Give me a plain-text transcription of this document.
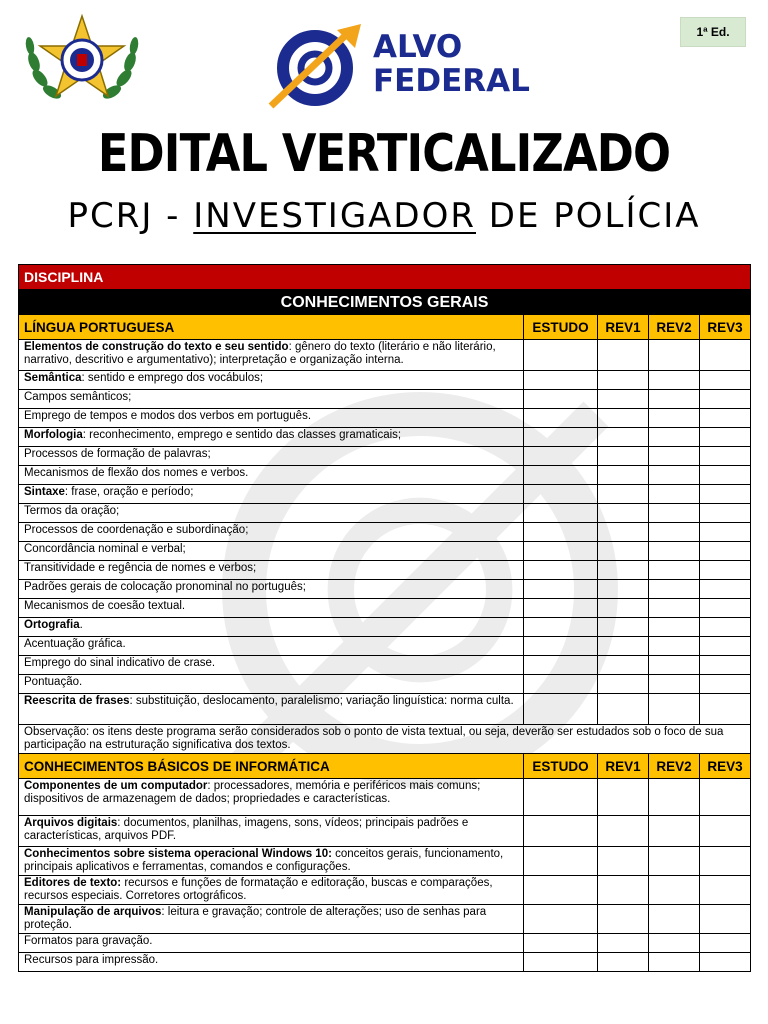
1ª Ed.
ALVO
FEDERAL
EDITAL VERTICALIZADO
PCRJ - INVESTIGADOR DE POLÍCIA
DISCIPLINA				
CONHECIMENTOS GERAIS				
LÍNGUA PORTUGUESA	ESTUDO	REV1	REV2	REV3
Elementos de construção do texto e seu sentido: gênero do texto (literário e não literário, narrativo, descritivo e argumentativo); interpretação e organização interna.				
Semântica: sentido e emprego dos vocábulos;				
Campos semânticos;				
Emprego de tempos e modos dos verbos em português.				
Morfologia: reconhecimento, emprego e sentido das classes gramaticais;				
Processos de formação de palavras;				
Mecanismos de flexão dos nomes e verbos.				
Sintaxe: frase, oração e período;				
Termos da oração;				
Processos de coordenação e subordinação;				
Concordância nominal e verbal;				
Transitividade e regência de nomes e verbos;				
Padrões gerais de colocação pronominal no português;				
Mecanismos de coesão textual.				
Ortografia.				
Acentuação gráfica.				
Emprego do sinal indicativo de crase.				
Pontuação.				
Reescrita de frases: substituição, deslocamento, paralelismo; variação linguística: norma culta.				
Observação: os itens deste programa serão considerados sob o ponto de vista textual, ou seja, deverão ser estudados sob o foco de sua participação na estruturação significativa dos textos.				
CONHECIMENTOS BÁSICOS DE INFORMÁTICA	ESTUDO	REV1	REV2	REV3
Componentes de um computador: processadores, memória e periféricos mais comuns; dispositivos de armazenagem de dados; propriedades e características.				
Arquivos digitais: documentos, planilhas, imagens, sons, vídeos; principais padrões e características, arquivos PDF.				
Conhecimentos sobre sistema operacional Windows 10: conceitos gerais, funcionamento, principais aplicativos e ferramentas, comandos e configurações.				
Editores de texto: recursos e funções de formatação e editoração, buscas e comparações, recursos especiais. Corretores ortográficos.				
Manipulação de arquivos: leitura e gravação; controle de alterações; uso de senhas para proteção.				
Formatos para gravação.				
Recursos para impressão.				
